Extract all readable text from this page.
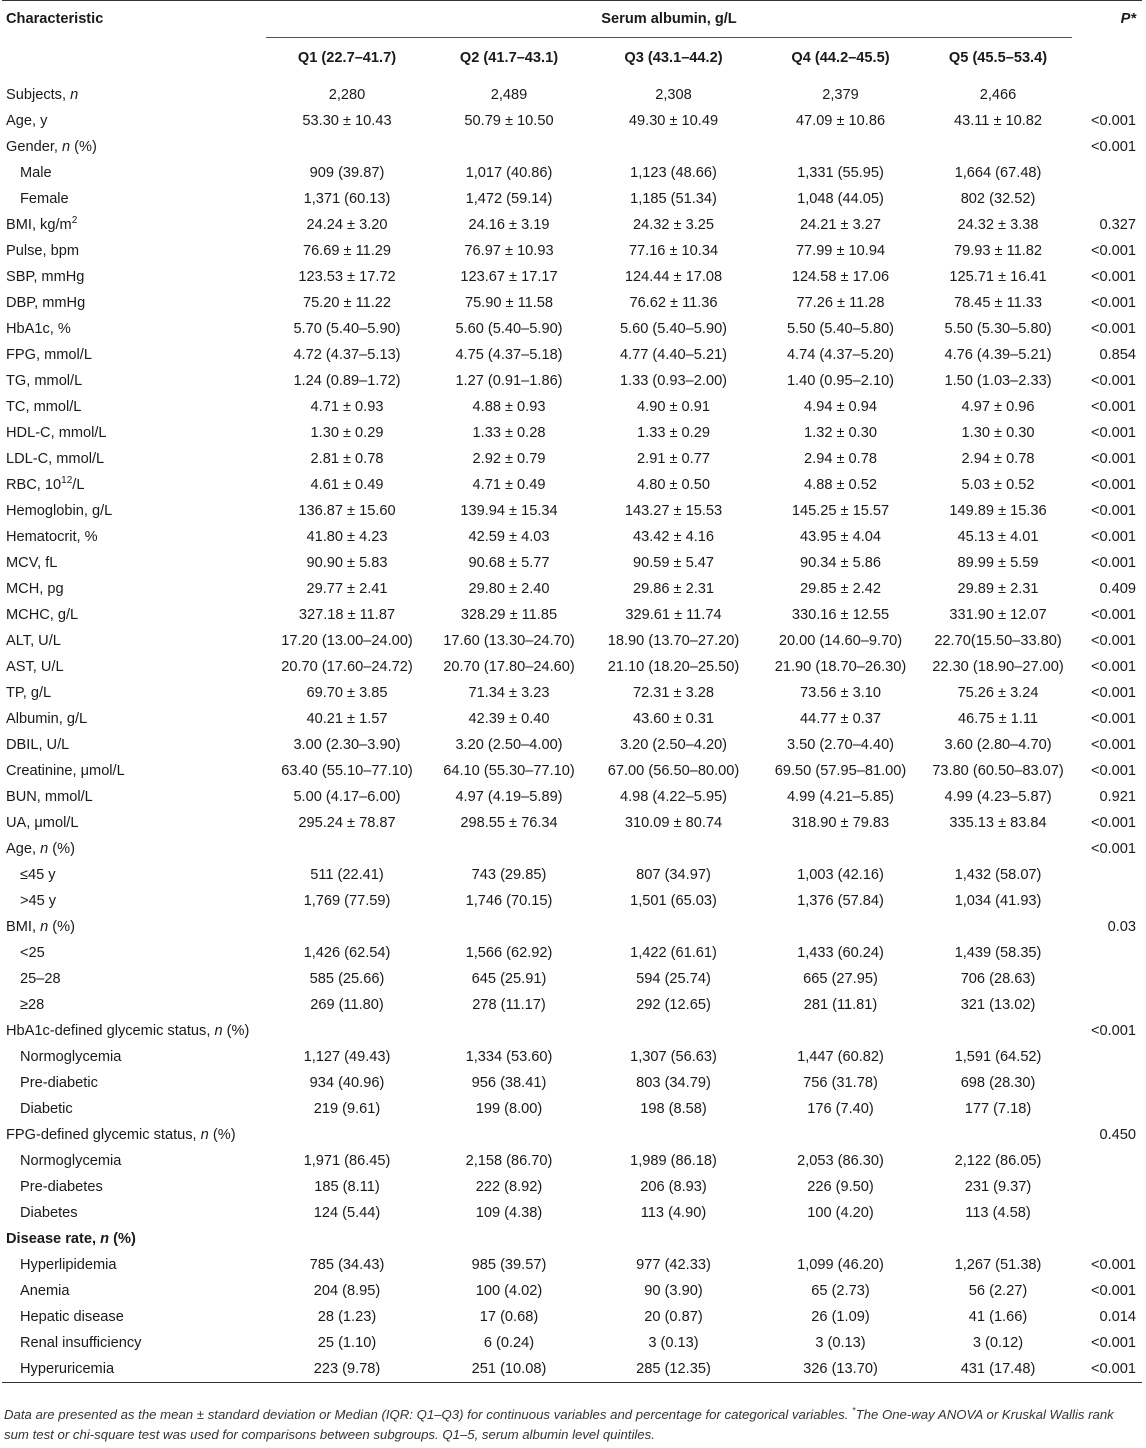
Characteristic	Serum albumin, g/L					P*
	Q1 (22.7–41.7)	Q2 (41.7–43.1)	Q3 (43.1–44.2)	Q4 (44.2–45.5)	Q5 (45.5–53.4)	
Subjects, n	2,280	2,489	2,308	2,379	2,466	
Age, y	53.30 ± 10.43	50.79 ± 10.50	49.30 ± 10.49	47.09 ± 10.86	43.11 ± 10.82	<0.001
Gender, n (%)						<0.001
Male	909 (39.87)	1,017 (40.86)	1,123 (48.66)	1,331 (55.95)	1,664 (67.48)	
Female	1,371 (60.13)	1,472 (59.14)	1,185 (51.34)	1,048 (44.05)	802 (32.52)	
BMI, $kg/m^2$	24.24 ± 3.20	24.16 ± 3.19	24.32 ± 3.25	24.21 ± 3.27	24.32 ± 3.38	0.327
Pulse, bpm	76.69 ± 11.29	76.97 ± 10.93	77.16 ± 10.34	77.99 ± 10.94	79.93 ± 11.82	<0.001
SBP, mmHg	123.53 ± 17.72	123.67 ± 17.17	124.44 ± 17.08	124.58 ± 17.06	125.71 ± 16.41	<0.001
DBP, mmHg	75.20 ± 11.22	75.90 ± 11.58	76.62 ± 11.36	77.26 ± 11.28	78.45 ± 11.33	<0.001
HbA1c, %	5.70 (5.40–5.90)	5.60 (5.40–5.90)	5.60 (5.40–5.90)	5.50 (5.40–5.80)	5.50 (5.30–5.80)	<0.001
FPG, mmol/L	4.72 (4.37–5.13)	4.75 (4.37–5.18)	4.77 (4.40–5.21)	4.74 (4.37–5.20)	4.76 (4.39–5.21)	0.854
TG, mmol/L	1.24 (0.89–1.72)	1.27 (0.91–1.86)	1.33 (0.93–2.00)	1.40 (0.95–2.10)	1.50 (1.03–2.33)	<0.001
TC, mmol/L	4.71 ± 0.93	4.88 ± 0.93	4.90 ± 0.91	4.94 ± 0.94	4.97 ± 0.96	<0.001
HDL-C, mmol/L	1.30 ± 0.29	1.33 ± 0.28	1.33 ± 0.29	1.32 ± 0.30	1.30 ± 0.30	<0.001
LDL-C, mmol/L	2.81 ± 0.78	2.92 ± 0.79	2.91 ± 0.77	2.94 ± 0.78	2.94 ± 0.78	<0.001
RBC, $10^{12}/L$	4.61 ± 0.49	4.71 ± 0.49	4.80 ± 0.50	4.88 ± 0.52	5.03 ± 0.52	<0.001
Hemoglobin, g/L	136.87 ± 15.60	139.94 ± 15.34	143.27 ± 15.53	145.25 ± 15.57	149.89 ± 15.36	<0.001
Hematocrit, %	41.80 ± 4.23	42.59 ± 4.03	43.42 ± 4.16	43.95 ± 4.04	45.13 ± 4.01	<0.001
MCV, fL	90.90 ± 5.83	90.68 ± 5.77	90.59 ± 5.47	90.34 ± 5.86	89.99 ± 5.59	<0.001
MCH, pg	29.77 ± 2.41	29.80 ± 2.40	29.86 ± 2.31	29.85 ± 2.42	29.89 ± 2.31	0.409
MCHC, g/L	327.18 ± 11.87	328.29 ± 11.85	329.61 ± 11.74	330.16 ± 12.55	331.90 ± 12.07	<0.001
ALT, U/L	17.20 (13.00–24.00)	17.60 (13.30–24.70)	18.90 (13.70–27.20)	20.00 (14.60–9.70)	22.70(15.50–33.80)	<0.001
AST, U/L	20.70 (17.60–24.72)	20.70 (17.80–24.60)	21.10 (18.20–25.50)	21.90 (18.70–26.30)	22.30 (18.90–27.00)	<0.001
TP, g/L	69.70 ± 3.85	71.34 ± 3.23	72.31 ± 3.28	73.56 ± 3.10	75.26 ± 3.24	<0.001
Albumin, g/L	40.21 ± 1.57	42.39 ± 0.40	43.60 ± 0.31	44.77 ± 0.37	46.75 ± 1.11	<0.001
DBIL, U/L	3.00 (2.30–3.90)	3.20 (2.50–4.00)	3.20 (2.50–4.20)	3.50 (2.70–4.40)	3.60 (2.80–4.70)	<0.001
Creatinine, μmol/L	63.40 (55.10–77.10)	64.10 (55.30–77.10)	67.00 (56.50–80.00)	69.50 (57.95–81.00)	73.80 (60.50–83.07)	<0.001
BUN, mmol/L	5.00 (4.17–6.00)	4.97 (4.19–5.89)	4.98 (4.22–5.95)	4.99 (4.21–5.85)	4.99 (4.23–5.87)	0.921
UA, μmol/L	295.24 ± 78.87	298.55 ± 76.34	310.09 ± 80.74	318.90 ± 79.83	335.13 ± 83.84	<0.001
Age, n (%)						<0.001
≤45 y	511 (22.41)	743 (29.85)	807 (34.97)	1,003 (42.16)	1,432 (58.07)	
>45 y	1,769 (77.59)	1,746 (70.15)	1,501 (65.03)	1,376 (57.84)	1,034 (41.93)	
BMI, n (%)						0.03
<25	1,426 (62.54)	1,566 (62.92)	1,422 (61.61)	1,433 (60.24)	1,439 (58.35)	
25–28	585 (25.66)	645 (25.91)	594 (25.74)	665 (27.95)	706 (28.63)	
≥28	269 (11.80)	278 (11.17)	292 (12.65)	281 (11.81)	321 (13.02)	
HbA1c-defined glycemic status, n (%)						<0.001
Normoglycemia	1,127 (49.43)	1,334 (53.60)	1,307 (56.63)	1,447 (60.82)	1,591 (64.52)	
Pre-diabetic	934 (40.96)	956 (38.41)	803 (34.79)	756 (31.78)	698 (28.30)	
Diabetic	219 (9.61)	199 (8.00)	198 (8.58)	176 (7.40)	177 (7.18)	
FPG-defined glycemic status, n (%)						0.450
Normoglycemia	1,971 (86.45)	2,158 (86.70)	1,989 (86.18)	2,053 (86.30)	2,122 (86.05)	
Pre-diabetes	185 (8.11)	222 (8.92)	206 (8.93)	226 (9.50)	231 (9.37)	
Diabetes	124 (5.44)	109 (4.38)	113 (4.90)	100 (4.20)	113 (4.58)	
Disease rate, n (%)						
Hyperlipidemia	785 (34.43)	985 (39.57)	977 (42.33)	1,099 (46.20)	1,267 (51.38)	<0.001
Anemia	204 (8.95)	100 (4.02)	90 (3.90)	65 (2.73)	56 (2.27)	<0.001
Hepatic disease	28 (1.23)	17 (0.68)	20 (0.87)	26 (1.09)	41 (1.66)	0.014
Renal insufficiency	25 (1.10)	6 (0.24)	3 (0.13)	3 (0.13)	3 (0.12)	<0.001
Hyperuricemia	223 (9.78)	251 (10.08)	285 (12.35)	326 (13.70)	431 (17.48)	<0.001
Data are presented as the mean ± standard deviation or Median (IQR: Q1–Q3) for continuous variables and percentage for categorical variables. *The One-way ANOVA or Kruskal Wallis rank sum test or chi-square test was used for comparisons between subgroups. Q1–5, serum albumin level quintiles.
